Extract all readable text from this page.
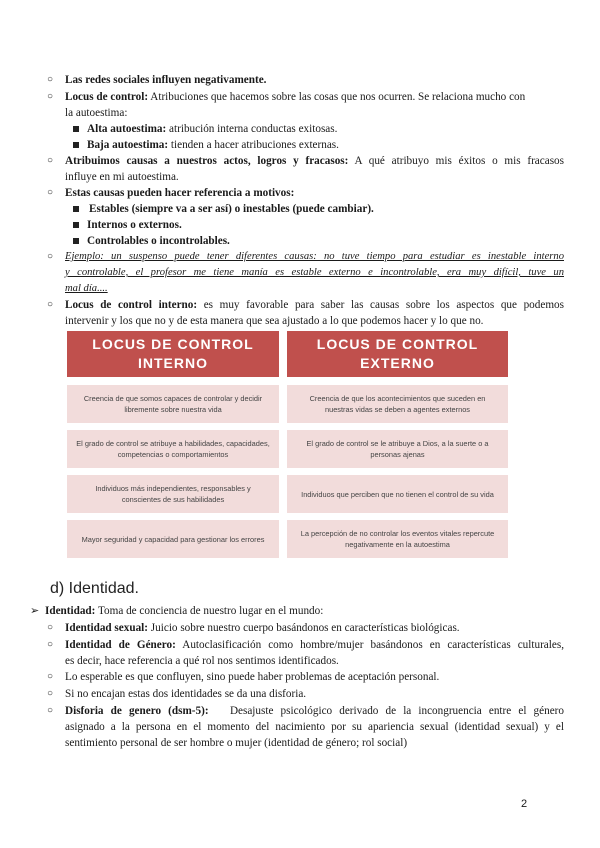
○ Las redes sociales influyen negativamente.
○ Locus de control: Atribuciones que hacemos sobre las cosas que nos ocurren. Se relaciona mucho con
la autoestima:
Alta autoestima: atribución interna conductas exitosas.
Baja autoestima: tienden a hacer atribuciones externas.
○ Atribuimos causas a nuestros actos, logros y fracasos: A qué atribuyo mis éxitos o mis fracasos
influye en mi autoestima.
○ Estas causas pueden hacer referencia a motivos:
Estables (siempre va a ser así) o inestables (puede cambiar).
Internos o externos.
Controlables o incontrolables.
○ Ejemplo: un suspenso puede tener diferentes causas: no tuve tiempo para estudiar es inestable interno
y controlable, el profesor me tiene manía es estable externo e incontrolable, era muy difícil, tuve un
mal día....
○ Locus de control interno: es muy favorable para saber las causas sobre los aspectos que podemos
intervenir y los que no y de esta manera que sea ajustado a lo que podemos hacer y lo que no.
LOCUS DE CONTROL
INTERNO
LOCUS DE CONTROL
EXTERNO
Creencia de que somos capaces de controlar y decidir libremente sobre nuestra vida
Creencia de que los acontecimientos que suceden en nuestras vidas se deben a agentes externos
El grado de control se atribuye a habilidades, capacidades, competencias o comportamientos
El grado de control se le atribuye a Dios, a la suerte o a personas ajenas
Individuos más independientes, responsables y conscientes de sus habilidades
Individuos que perciben que no tienen el control de su vida
Mayor seguridad y capacidad para gestionar los errores
La percepción de no controlar los eventos vitales repercute negativamente en la autoestima
d) Identidad.
➢ Identidad: Toma de conciencia de nuestro lugar en el mundo:
○ Identidad sexual: Juicio sobre nuestro cuerpo basándonos en características biológicas.
○ Identidad de Género: Autoclasificación como hombre/mujer basándonos en características culturales,
es decir, hace referencia a qué rol nos sentimos identificados.
○ Lo esperable es que confluyen, sino puede haber problemas de aceptación personal.
○ Si no encajan estas dos identidades se da una disforia.
○ Disforia de genero (dsm-5):   Desajuste psicológico derivado de la incongruencia entre el género
asignado a la persona en el momento del nacimiento por su apariencia sexual (identidad sexual) y el
sentimiento personal de ser hombre o mujer (identidad de género; rol social)
2
